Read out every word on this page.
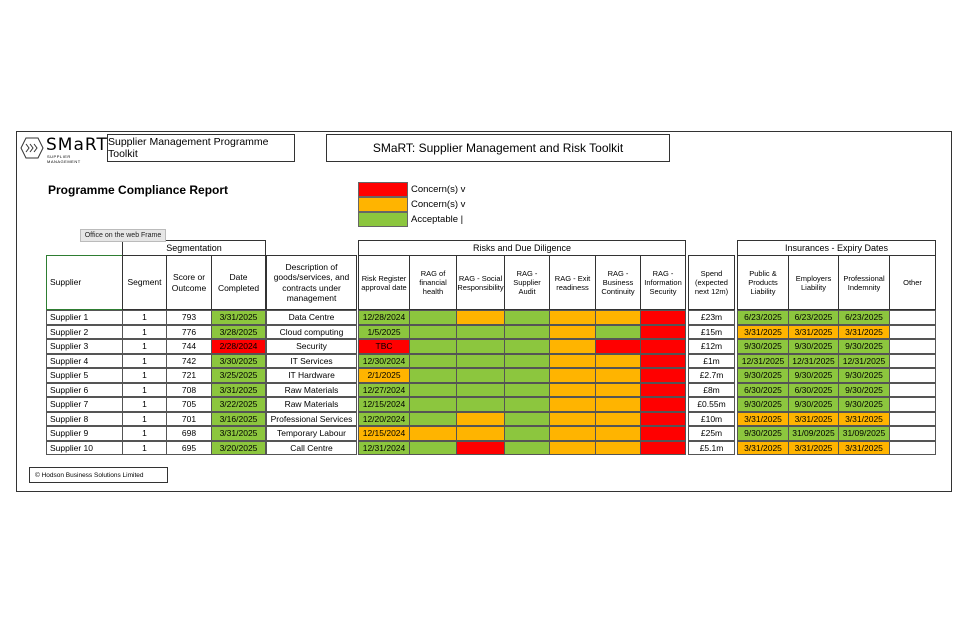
SMaRT
SUPPLIER MANAGEMENT
Supplier Management Programme Toolkit	SMaRT: Supplier Management and Risk Toolkit
Programme Compliance Report	Concern(s) v
Concern(s) v
Acceptable |
Segmentation	Risks and Due Diligence	Insurances - Expiry Dates
Office on the web Frame
Supplier	Segment
Score or Outcome
Date Completed
Description of goods/services, and contracts under management
Risk Register approval date
RAG of financial health
RAG - Social Responsibility
RAG - Supplier Audit
RAG - Exit readiness
RAG - Business Continuity
RAG - Information Security
Spend (expected next 12m)
Public & Products Liability
Employers Liability
Professional Indemnity	Other
Supplier 1	1	793	3/31/2025	Data Centre	12/28/2024	£23m	6/23/2025	6/23/2025	6/23/2025
Supplier 2	1	776	3/28/2025	Cloud computing	1/5/2025	£15m	3/31/2025	3/31/2025	3/31/2025
Supplier 3	1	744	2/28/2024	Security	TBC	£12m	9/30/2025	9/30/2025	9/30/2025
Supplier 4	1	742	3/30/2025	IT Services	12/30/2024	£1m	12/31/2025 12/31/2025 12/31/2025
Supplier 5	1	721	3/25/2025	IT Hardware	2/1/2025	£2.7m	9/30/2025	9/30/2025	9/30/2025
Supplier 6	1	708	3/31/2025	Raw Materials	12/27/2024	£8m	6/30/2025	6/30/2025	9/30/2025
Supplier 7	1	705	3/22/2025	Raw Materials	12/15/2024	£0.55m	9/30/2025	9/30/2025	9/30/2025
Supplier 8	1	701	3/16/2025	Professional Services	12/20/2024	£10m	3/31/2025	3/31/2025	3/31/2025
Supplier 9	1	698	3/31/2025	Temporary Labour	12/15/2024	£25m	9/30/2025	31/09/2025 31/09/2025
Supplier 10	1	695	3/20/2025	Call Centre	12/31/2024	£5.1m	3/31/2025	3/31/2025	3/31/2025
© Hodson Business Solutions Limited
